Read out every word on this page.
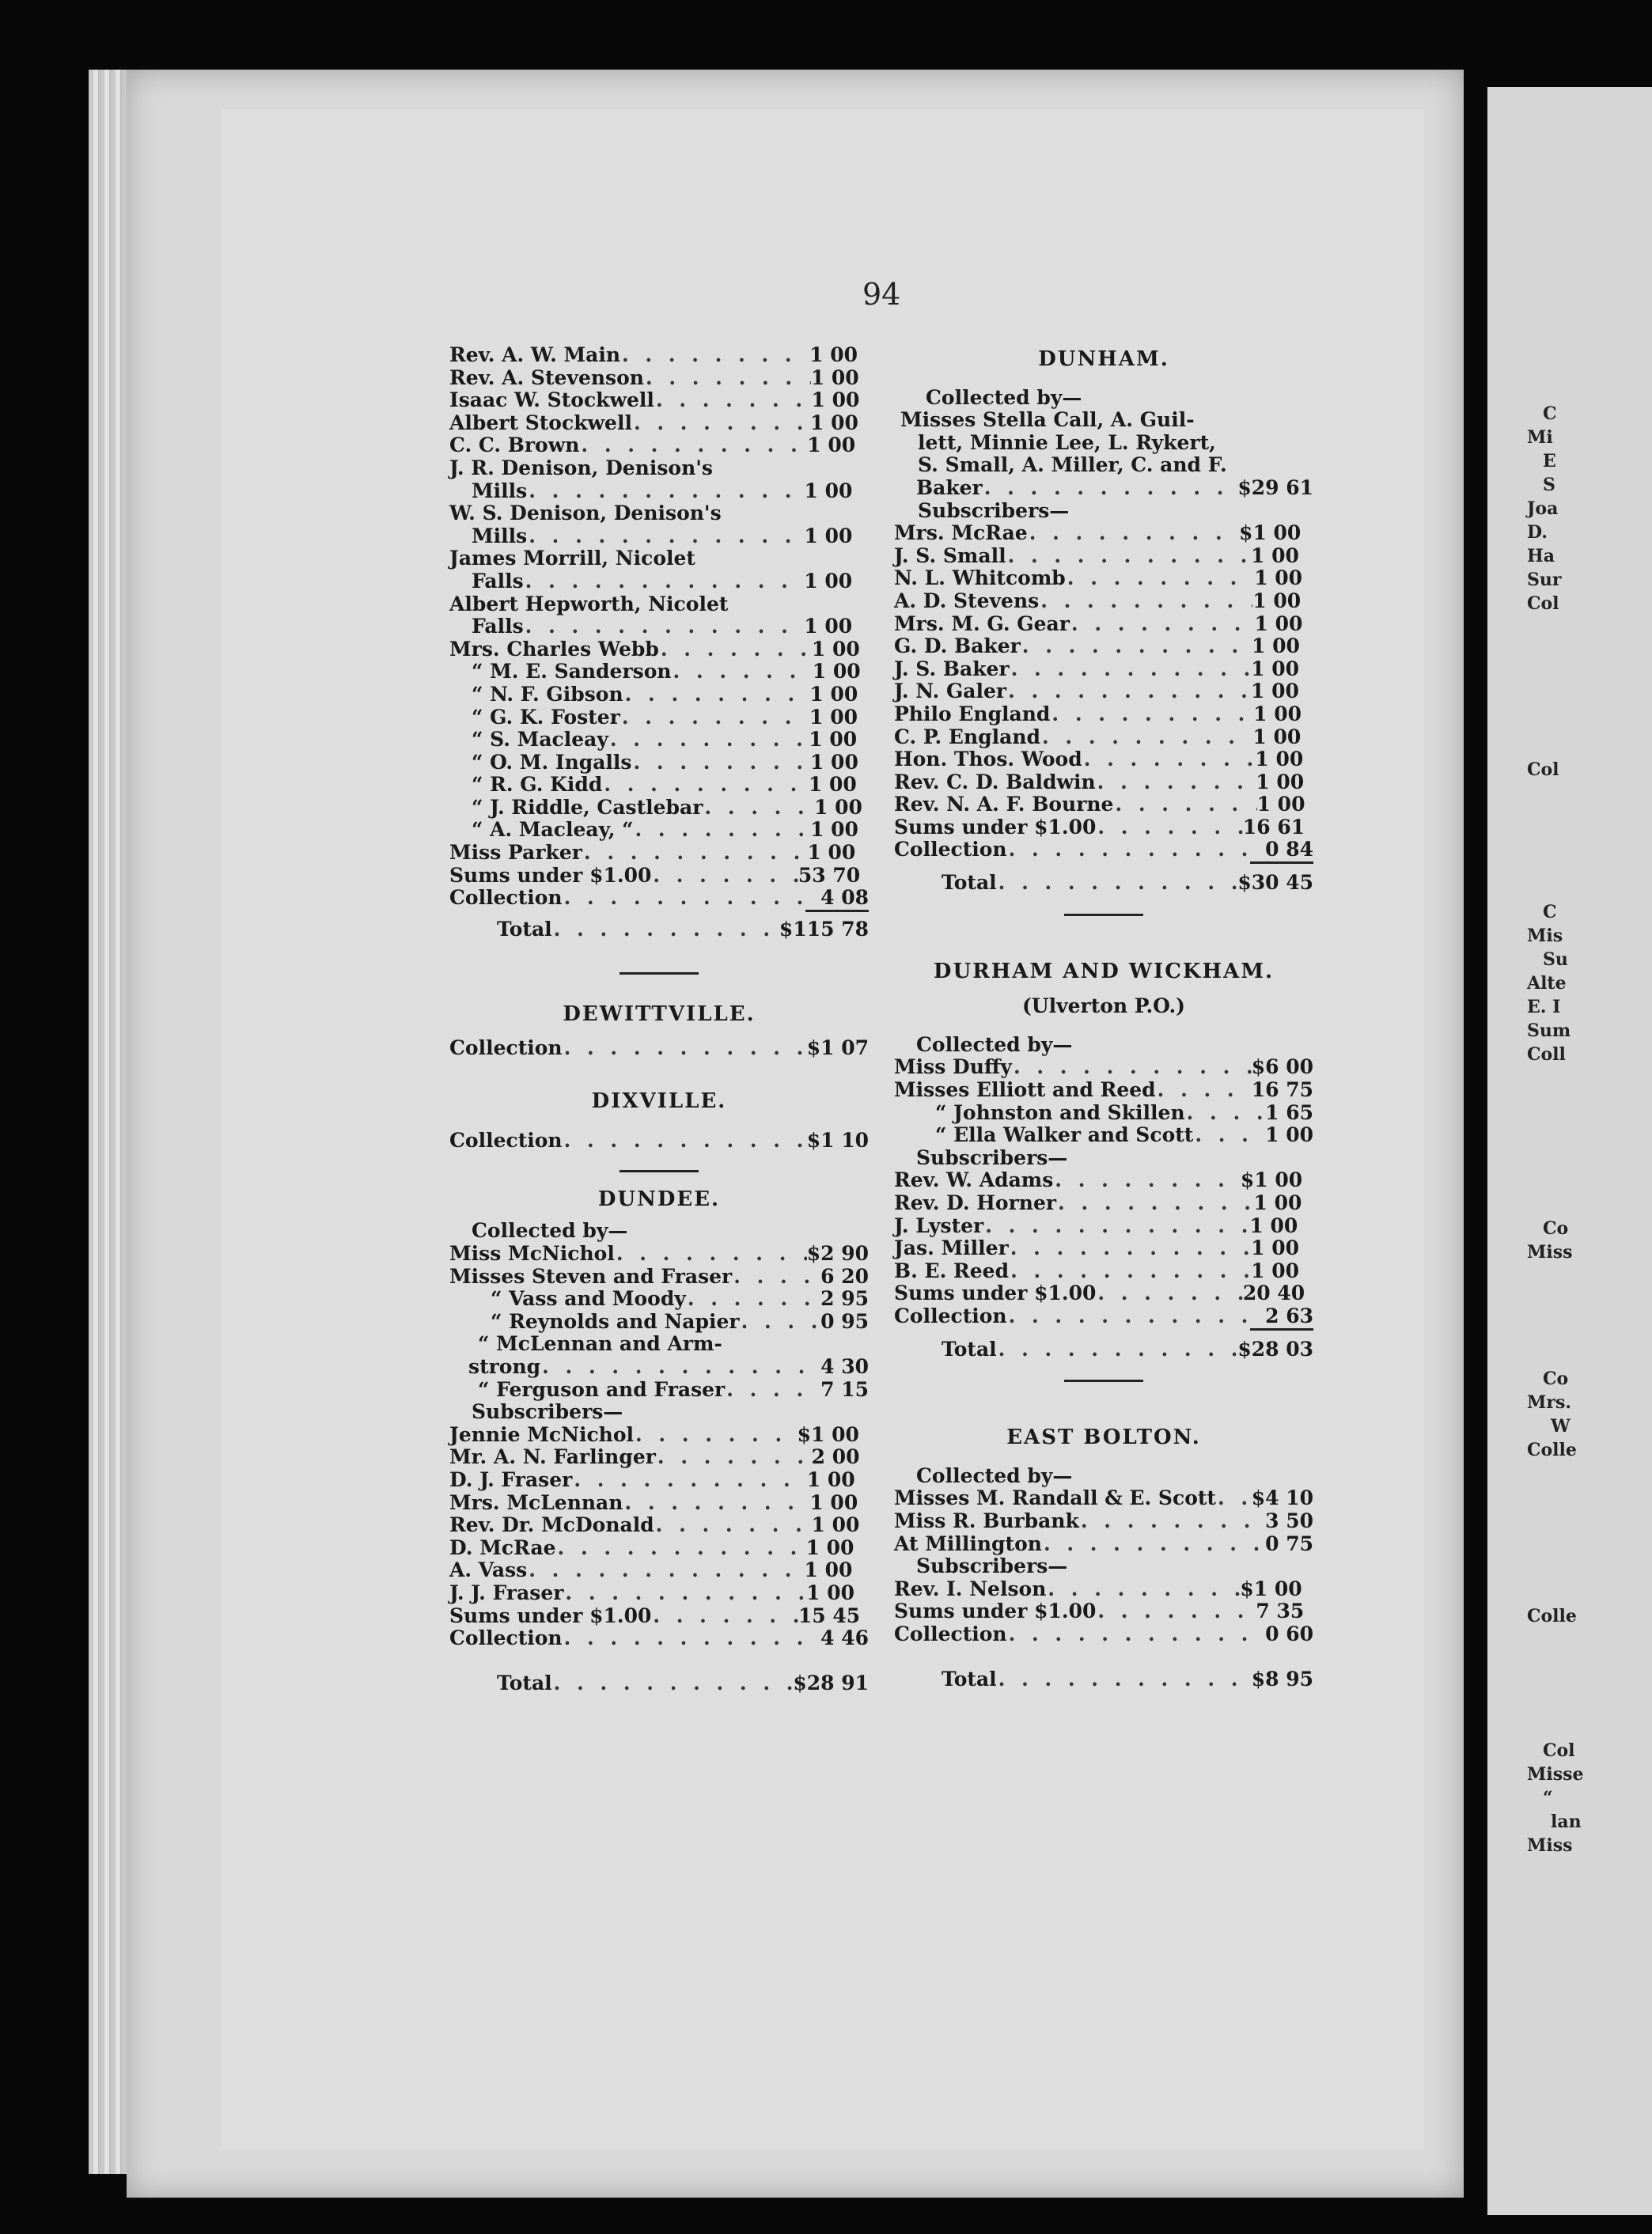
94
Rev. A. W. Main . . .	1 00
Rev. A. Stevenson . . .	1 00
Isaac W. Stockwell . . .	1 00
Albert Stockwell . . .	1 00
C. C. Brown . . .	1 00
J. R. Denison, Denison's
Mills . . .	1 00
W. S. Denison, Denison's
Mills . . .	1 00
James Morrill, Nicolet
Falls . . .	1 00
Albert Hepworth, Nicolet
Falls . . .	1 00
Mrs. Charles Webb . . .	1 00
“ M. E. Sanderson . . .	1 00
“ N. F. Gibson . . .	1 00
“ G. K. Foster . . .	1 00
“ S. Macleay . . .	1 00
“ O. M. Ingalls . . .	1 00
“ R. G. Kidd . . .	1 00
“ J. Riddle, Castlebar . . .	1 00
“ A. Macleay, “ . . .	1 00
Miss Parker . . .	1 00
Sums under $1.00 . . .	53 70
Collection . . .	4 08
Total . . .	$115 78
DEWITTVILLE.
Collection . . .	$1 07
DIXVILLE.
Collection . . .	$1 10
DUNDEE.
Collected by—
Miss McNichol . . .	$2 90
Misses Steven and Fraser . . .	6 20
“ Vass and Moody . . .	2 95
“ Reynolds and Napier . . .	0 95
“ McLennan and Arm-
strong . . .	4 30
“ Ferguson and Fraser . . .	7 15
Subscribers—
Jennie McNichol . . .	$1 00
Mr. A. N. Farlinger . . .	2 00
D. J. Fraser . . .	1 00
Mrs. McLennan . . .	1 00
Rev. Dr. McDonald . . .	1 00
D. McRae . . .	1 00
A. Vass . . .	1 00
J. J. Fraser . . .	1 00
Sums under $1.00 . . .	15 45
Collection . . .	4 46
Total . . .	$28 91
DUNHAM.
Collected by—
Misses Stella Call, A. Guil-
lett, Minnie Lee, L. Rykert,
S. Small, A. Miller, C. and F.
Baker . . .	$29 61
Subscribers—
Mrs. McRae . . .	$1 00
J. S. Small . . .	1 00
N. L. Whitcomb . . .	1 00
A. D. Stevens . . .	1 00
Mrs. M. G. Gear . . .	1 00
G. D. Baker . . .	1 00
J. S. Baker . . .	1 00
J. N. Galer . . .	1 00
Philo England . . .	1 00
C. P. England . . .	1 00
Hon. Thos. Wood . . .	1 00
Rev. C. D. Baldwin . . .	1 00
Rev. N. A. F. Bourne . . .	1 00
Sums under $1.00 . . .	16 61
Collection . . .	0 84
Total . . .	$30 45
DURHAM AND WICKHAM.
(Ulverton P.O.)
Collected by—
Miss Duffy . . .	$6 00
Misses Elliott and Reed . . .	16 75
“ Johnston and Skillen . . .	1 65
“ Ella Walker and Scott . . .	1 00
Subscribers—
Rev. W. Adams . . .	$1 00
Rev. D. Horner . . .	1 00
J. Lyster . . .	1 00
Jas. Miller . . .	1 00
B. E. Reed . . .	1 00
Sums under $1.00 . . .	20 40
Collection . . .	2 63
Total . . .	$28 03
EAST BOLTON.
Collected by—
Misses M. Randall & E. Scott . . . $4 10
Miss R. Burbank . . .	3 50
At Millington . . .	0 75
Subscribers—
Rev. I. Nelson . . .	$1 00
Sums under $1.00 . . .	7 35
Collection . . .	0 60
Total . . .	$8 95
C
Mi
E
S
Joa
D.
Ha
Sur
Col
Col
C
Mis
Su
Alte
E. I
Sum
Coll
Co
Miss
Co
Mrs.
W
Colle
Colle
Col
Misse
“
lan
Miss
